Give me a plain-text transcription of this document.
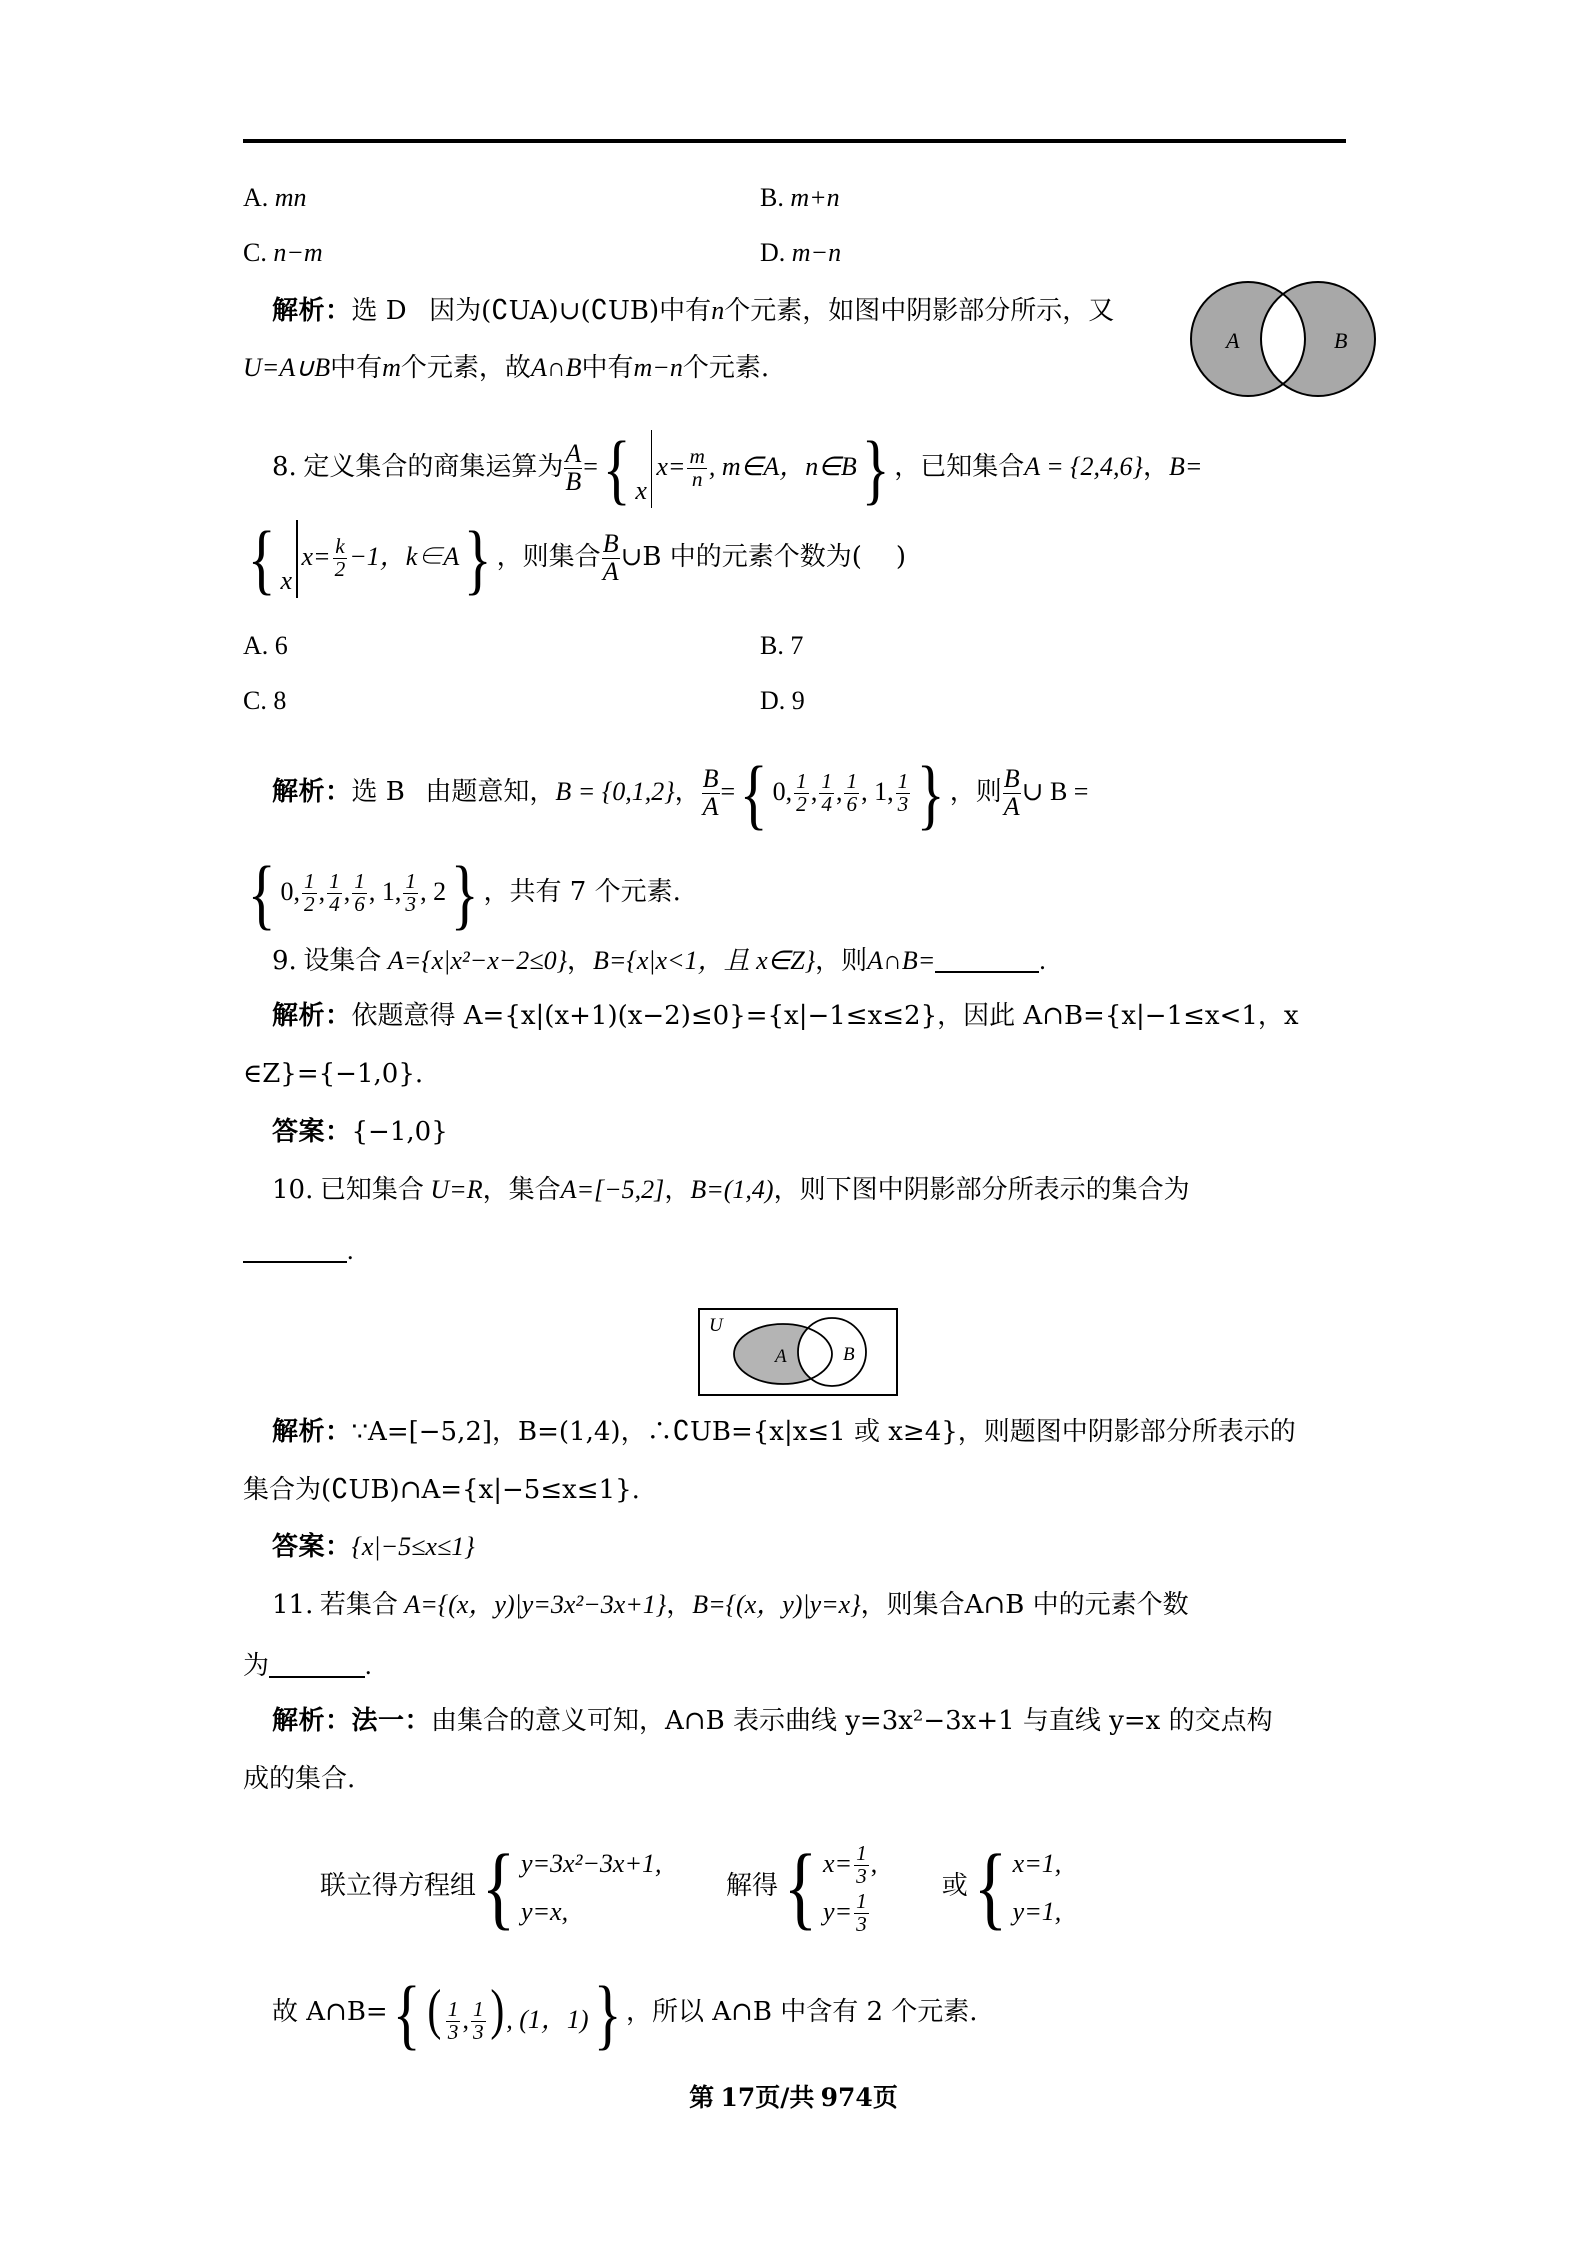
A. mn	B. m+n
C. n−m	D. m−n
解析：选 D 因为(∁UA)∪(∁UB)中有n个元素，如图中阴影部分所示，又
U=A∪B中有m个元素，故A∩B中有m−n个元素.
A	B
8. 定义集合的商集运算为 $\frac{A}{B}$ = { x
$x= \frac{m}{n}$ , m∈A，n∈B } ，已知集合A = {2,4,6}，B=
{ x
$x= \frac{k}{2} -1$，k∈A } ，则集合 $\frac{B}{A}$ ∪B 中的元素个数为( )
A. 6	B. 7
C. 8	D. 9
解析：选 B 由题意知，B = {0,1,2}， $\frac{B}{A}$ = { 0, $\frac{1}{2}$ , $\frac{1}{4}$ , $\frac{1}{6}$ , 1, $\frac{1}{3}$ } ，则 $\frac{B}{A}$ ∪ B =
{ 0, $\frac{1}{2}$ , $\frac{1}{4}$ , $\frac{1}{6}$ , 1, $\frac{1}{3}$ , 2 } ，共有 7 个元素.
9. 设集合 A={x|x²−x−2≤0}，B={x|x<1，且 x∈Z}，则A∩B=	.
解析：依题意得 A={x|(x+1)(x−2)≤0}={x|−1≤x≤2}，因此 A∩B={x|−1≤x<1，x
∈Z}={−1,0}.
答案：{−1,0}
10. 已知集合 U=R，集合A=[−5,2]，B=(1,4)，则下图中阴影部分所表示的集合为
.
U
A	B
解析：∵A=[−5,2]，B=(1,4)，∴∁UB={x|x≤1 或 x≥4}，则题图中阴影部分所表示的
集合为(∁UB)∩A={x|−5≤x≤1}.
答案：{x|−5≤x≤1}
11. 若集合 A={(x，y)|y=3x²−3x+1}，B={(x，y)|y=x}，则集合A∩B 中的元素个数
为	.
解析：法一：由集合的意义可知，A∩B 表示曲线 y=3x²−3x+1 与直线 y=x 的交点构
成的集合.
联立得方程组 { y=3x²−3x+1,
y=x,
解得 { $x= \frac{1}{3}$ ,
$y= \frac{1}{3}$
或 { x=1,
y=1,
故 A∩B= { ( $\frac{1}{3}$ , $\frac{1}{3}$ ), (1，1) } ，所以 A∩B 中含有 2 个元素.
第 17页/共 974页
